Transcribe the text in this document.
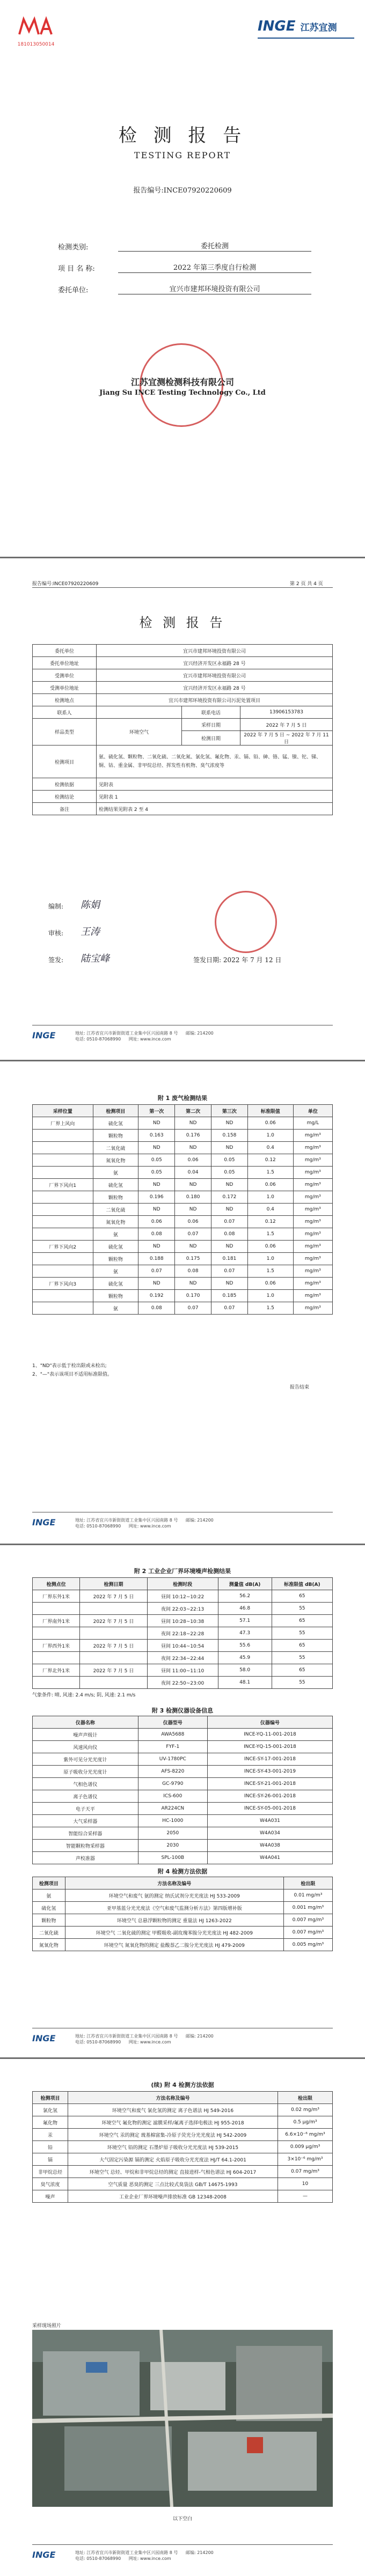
181013050014
INGE 江苏宜测
检 测 报 告
TESTING REPORT
报告编号:INCE07920220609
检测类别:	委托检测
项 目 名 称:	2022 年第三季度自行检测
委托单位:	宜兴市建邦环境投资有限公司
江苏宜测检测科技有限公司
Jiang Su INCE Testing Technology Co., Ltd
报告编号:INCE07920220609	第 2 页 共 4 页
检 测 报 告
委托单位	宜兴市建邦环境投资有限公司		
委托单位地址	宜兴经济开发区永福路 28 号		
受测单位	宜兴市建邦环境投资有限公司		
受测单位地址	宜兴经济开发区永福路 28 号		
检测地点	宜兴市建邦环境投资有限公司污泥处置项目		
联系人		联系电话	13906153783
样品类型	环境空气	采样日期	2022 年 7 月 5 日
		检测日期	2022 年 7 月 5 日 ~ 2022 年 7 月 11 日
检测项目	氨、硫化氢、颗粒物、二氧化硫、二氧化氮、氯化氢、氟化物、汞、镉、铅、砷、铬、锰、镍、铊、锑、铜、钴、重金属、非甲烷总烃、挥发性有机物、臭气浓度等		
检测依据	见附表		
检测结论	见附表 1		
备注	检测结果见附表 2 至 4		
编制: 陈娟
审核: 王涛
签发: 陆宝峰	签发日期: 2022 年 7 月 12 日
INGE	地址: 江苏省宜兴市新街街道工业集中区兴园南路 8 号 邮编: 214200
电话: 0510-87068990 网址: www.ince.com
附 1 废气检测结果
采样位置	检测项目	第一次	第二次	第三次	标准限值	单位
厂界上风向	硫化氢	ND	ND	ND	0.06	mg/L
	颗粒物	0.163	0.176	0.158	1.0	mg/m³
	二氧化硫	ND	ND	ND	0.4	mg/m³
	氮氧化物	0.05	0.06	0.05	0.12	mg/m³
	氨	0.05	0.04	0.05	1.5	mg/m³
厂界下风向1	硫化氢	ND	ND	ND	0.06	mg/m³
	颗粒物	0.196	0.180	0.172	1.0	mg/m³
	二氧化硫	ND	ND	ND	0.4	mg/m³
	氮氧化物	0.06	0.06	0.07	0.12	mg/m³
	氨	0.08	0.07	0.08	1.5	mg/m³
厂界下风向2	硫化氢	ND	ND	ND	0.06	mg/m³
	颗粒物	0.188	0.175	0.181	1.0	mg/m³
	氨	0.07	0.08	0.07	1.5	mg/m³
厂界下风向3	硫化氢	ND	ND	ND	0.06	mg/m³
	颗粒物	0.192	0.170	0.185	1.0	mg/m³
	氨	0.08	0.07	0.07	1.5	mg/m³
1、"ND"表示低于检出限或未检出;
2、"—"表示该项目不适用标准限值。
报告结束
INGE	地址: 江苏省宜兴市新街街道工业集中区兴园南路 8 号 邮编: 214200
电话: 0510-87068990 网址: www.ince.com
附 2 工业企业厂界环境噪声检测结果
检测点位	检测日期	检测时段	测量值 dB(A)	标准限值 dB(A)
厂界东外1米	2022 年 7 月 5 日	昼间 10:12~10:22	56.2	65
		夜间 22:03~22:13	46.8	55
厂界南外1米	2022 年 7 月 5 日	昼间 10:28~10:38	57.1	65
		夜间 22:18~22:28	47.3	55
厂界西外1米	2022 年 7 月 5 日	昼间 10:44~10:54	55.6	65
		夜间 22:34~22:44	45.9	55
厂界北外1米	2022 年 7 月 5 日	昼间 11:00~11:10	58.0	65
		夜间 22:50~23:00	48.1	55
气象条件: 晴, 风速: 2.4 m/s; 阴, 风速: 2.1 m/s
附 3 检测仪器设备信息
仪器名称	仪器型号	仪器编号
噪声声级计	AWA5688	INCE-YQ-11-001-2018
风速风向仪	FYF-1	INCE-YQ-15-001-2018
紫外可见分光光度计	UV-1780PC	INCE-SY-17-001-2018
原子吸收分光光度计	AFS-8220	INCE-SY-43-001-2019
气相色谱仪	GC-9790	INCE-SY-21-001-2018
离子色谱仪	ICS-600	INCE-SY-26-001-2018
电子天平	AR224CN	INCE-SY-05-001-2018
大气采样器	HC-1000	W4A031
智能综合采样器	2050	W4A034
智能颗粒物采样器	2030	W4A038
声校准器	SPL-100B	W4A041
附 4 检测方法依据
检测项目	方法名称及编号	检出限
氨	环境空气和废气 氨的测定 纳氏试剂分光光度法 HJ 533-2009	0.01 mg/m³
硫化氢	亚甲基蓝分光光度法《空气和废气监测分析方法》第四版增补版	0.001 mg/m³
颗粒物	环境空气 总悬浮颗粒物的测定 重量法 HJ 1263-2022	0.007 mg/m³
二氧化硫	环境空气 二氧化硫的测定 甲醛吸收-副玫瑰苯胺分光光度法 HJ 482-2009	0.007 mg/m³
氮氧化物	环境空气 氮氧化物的测定 盐酸萘乙二胺分光光度法 HJ 479-2009	0.005 mg/m³
INGE	地址: 江苏省宜兴市新街街道工业集中区兴园南路 8 号 邮编: 214200
电话: 0510-87068990 网址: www.ince.com
(续) 附 4 检测方法依据
检测项目	方法名称及编号	检出限
氯化氢	环境空气和废气 氯化氢的测定 离子色谱法 HJ 549-2016	0.02 mg/m³
氟化物	环境空气 氟化物的测定 滤膜采样/氟离子选择电极法 HJ 955-2018	0.5 μg/m³
汞	环境空气 汞的测定 巯基棉富集-冷原子荧光分光光度法 HJ 542-2009	6.6×10⁻⁶ mg/m³
铅	环境空气 铅的测定 石墨炉原子吸收分光光度法 HJ 539-2015	0.009 μg/m³
镉	大气固定污染源 镉的测定 火焰原子吸收分光光度法 HJ/T 64.1-2001	3×10⁻⁶ mg/m³
非甲烷总烃	环境空气 总烃、甲烷和非甲烷总烃的测定 直接进样-气相色谱法 HJ 604-2017	0.07 mg/m³
臭气浓度	空气质量 恶臭的测定 三点比较式臭袋法 GB/T 14675-1993	10
噪声	工业企业厂界环境噪声排放标准 GB 12348-2008	—
采样现场照片
以下空白
INGE	地址: 江苏省宜兴市新街街道工业集中区兴园南路 8 号 邮编: 214200
电话: 0510-87068990 网址: www.ince.com
